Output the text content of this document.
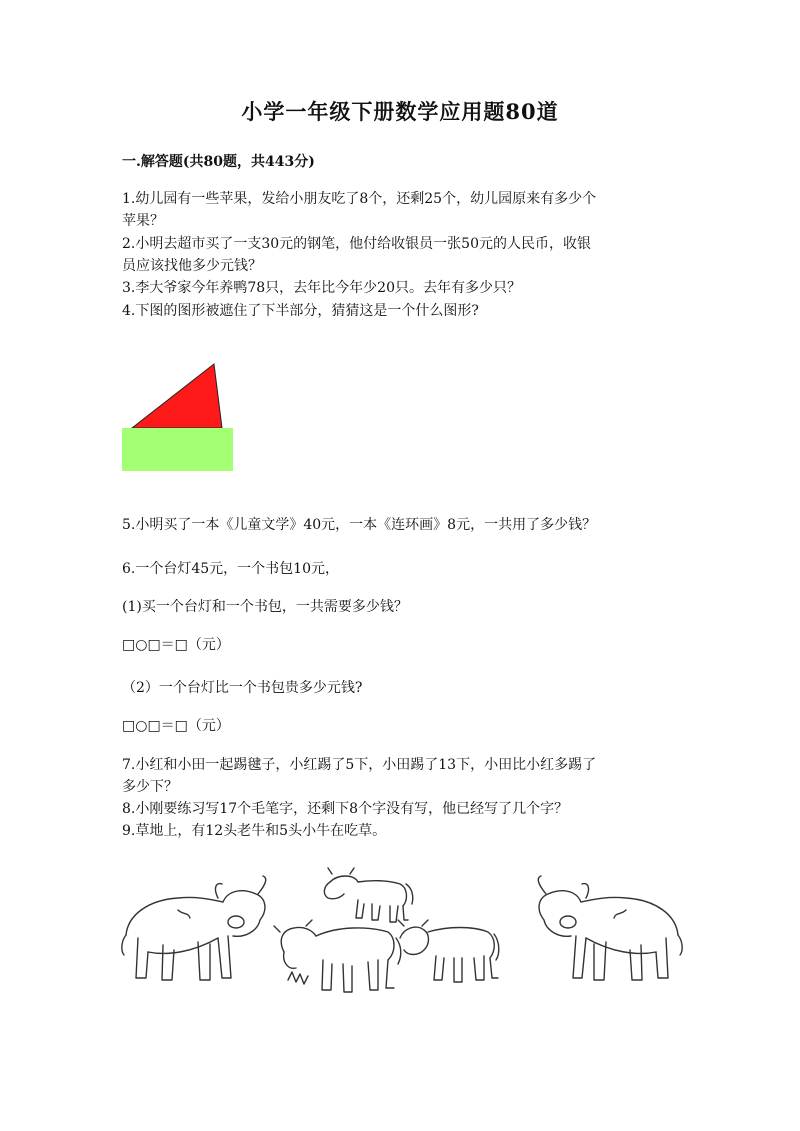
小学一年级下册数学应用题80道
一.解答题(共80题，共443分)
1.幼儿园有一些苹果，发给小朋友吃了8个，还剩25个，幼儿园原来有多少个
苹果？
2.小明去超市买了一支30元的钢笔，他付给收银员一张50元的人民币，收银
员应该找他多少元钱？
3.李大爷家今年养鸭78只，去年比今年少20只。去年有多少只？
4.下图的图形被遮住了下半部分，猜猜这是一个什么图形?
5.小明买了一本《儿童文学》40元，一本《连环画》8元，一共用了多少钱？
6.一个台灯45元，一个书包10元，
(1)买一个台灯和一个书包，一共需要多少钱？
□○□＝□（元）
（2）一个台灯比一个书包贵多少元钱?
□○□＝□（元）
7.小红和小田一起踢毽子，小红踢了5下，小田踢了13下，小田比小红多踢了
多少下？
8.小刚要练习写17个毛笔字，还剩下8个字没有写，他已经写了几个字？
9.草地上，有12头老牛和5头小牛在吃草。
